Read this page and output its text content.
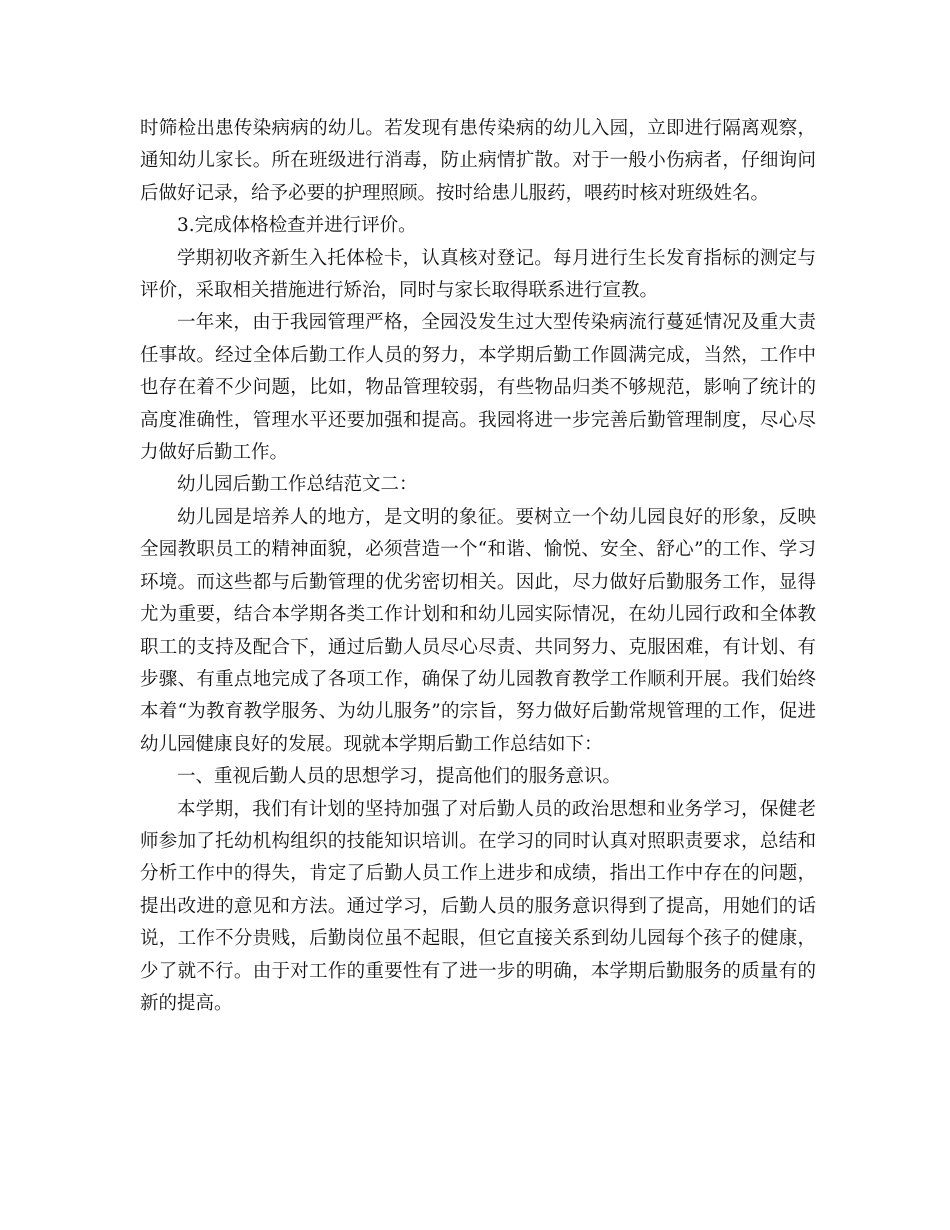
时筛检出患传染病病的幼儿。若发现有患传染病的幼儿入园，立即进行隔离观察，通知幼儿家长。所在班级进行消毒，防止病情扩散。对于一般小伤病者，仔细询问后做好记录，给予必要的护理照顾。按时给患儿服药，喂药时核对班级姓名。

3.完成体格检查并进行评价。

学期初收齐新生入托体检卡，认真核对登记。每月进行生长发育指标的测定与评价，采取相关措施进行矫治，同时与家长取得联系进行宣教。

一年来，由于我园管理严格，全园没发生过大型传染病流行蔓延情况及重大责任事故。经过全体后勤工作人员的努力，本学期后勤工作圆满完成，当然，工作中也存在着不少问题，比如，物品管理较弱，有些物品归类不够规范，影响了统计的高度准确性，管理水平还要加强和提高。我园将进一步完善后勤管理制度，尽心尽力做好后勤工作。

幼儿园后勤工作总结范文二：

幼儿园是培养人的地方，是文明的象征。要树立一个幼儿园良好的形象，反映全园教职员工的精神面貌，必须营造一个“和谐、愉悦、安全、舒心”的工作、学习环境。而这些都与后勤管理的优劣密切相关。因此，尽力做好后勤服务工作，显得尤为重要，结合本学期各类工作计划和和幼儿园实际情况，在幼儿园行政和全体教职工的支持及配合下，通过后勤人员尽心尽责、共同努力、克服困难，有计划、有步骤、有重点地完成了各项工作，确保了幼儿园教育教学工作顺利开展。我们始终本着“为教育教学服务、为幼儿服务”的宗旨，努力做好后勤常规管理的工作，促进幼儿园健康良好的发展。现就本学期后勤工作总结如下：

一、重视后勤人员的思想学习，提高他们的服务意识。

本学期，我们有计划的坚持加强了对后勤人员的政治思想和业务学习，保健老师参加了托幼机构组织的技能知识培训。在学习的同时认真对照职责要求，总结和分析工作中的得失，肯定了后勤人员工作上进步和成绩，指出工作中存在的问题，提出改进的意见和方法。通过学习，后勤人员的服务意识得到了提高，用她们的话说，工作不分贵贱，后勤岗位虽不起眼，但它直接关系到幼儿园每个孩子的健康，少了就不行。由于对工作的重要性有了进一步的明确，本学期后勤服务的质量有的新的提高。
